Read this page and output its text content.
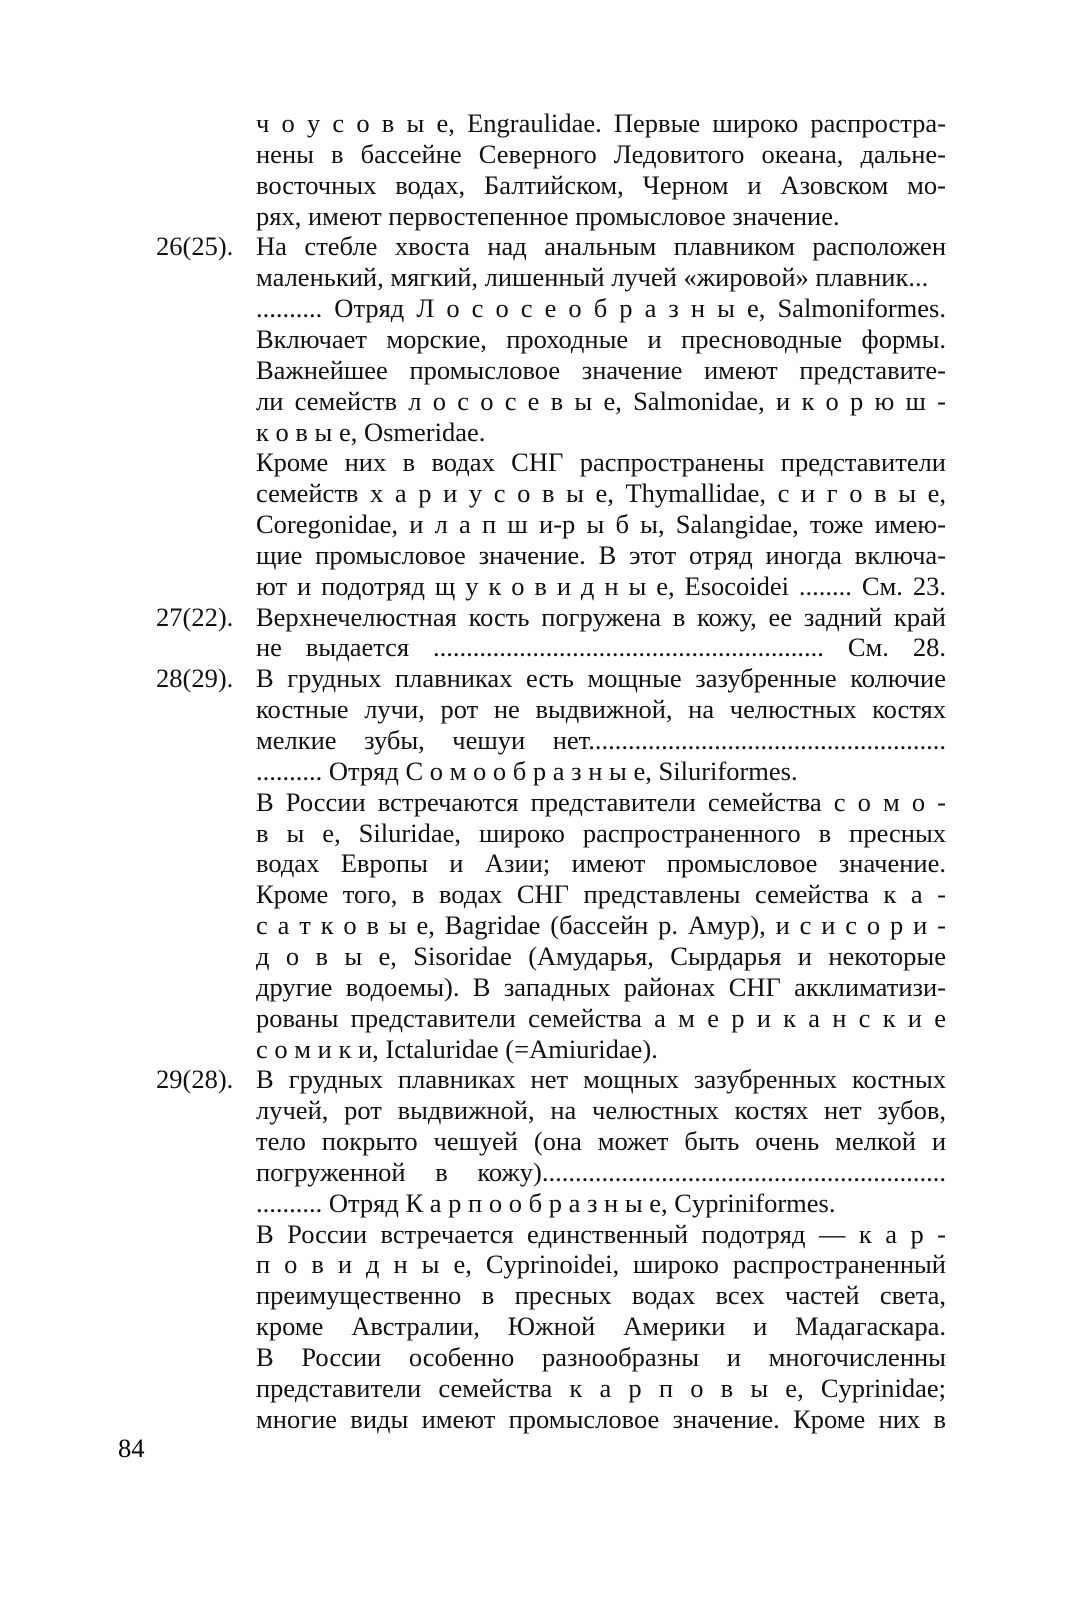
ч о у с о в ы е, Engraulidae. Первые широко распростра-
нены в бассейне Северного Ледовитого океана, дальне-
восточных водах, Балтийском, Черном и Азовском мо-
рях, имеют первостепенное промысловое значение.
26(25). На стебле хвоста над анальным плавником расположен
маленький, мягкий, лишенный лучей «жировой» плавник...
.......... Отряд Л о с о с е о б р а з н ы е, Salmoniformes.
Включает морские, проходные и пресноводные формы.
Важнейшее промысловое значение имеют представите-
ли семейств л о с о с е в ы е, Salmonidae, и к о р ю ш -
к о в ы е, Osmeridae.
Кроме них в водах СНГ распространены представители
семейств х а р и у с о в ы е, Thymallidae, с и г о в ы е,
Coregonidae, и л а п ш и-р ы б ы, Salangidae, тоже имею-
щие промысловое значение. В этот отряд иногда включа-
ют и подотряд щ у к о в и д н ы е, Esocoidei ........ См. 23.
27(22). Верхнечелюстная кость погружена в кожу, ее задний край
не выдается ........................................................... См. 28.
28(29). В грудных плавниках есть мощные зазубренные колючие
костные лучи, рот не выдвижной, на челюстных костях
мелкие зубы, чешуи нет......................................................
.......... Отряд С о м о о б р а з н ы е, Siluriformes.
В России встречаются представители семейства с о м о -
в ы е, Siluridae, широко распространенного в пресных
водах Европы и Азии; имеют промысловое значение.
Кроме того, в водах СНГ представлены семейства к а -
с а т к о в ы е, Bagridae (бассейн р. Амур), и с и с о р и -
д о в ы е, Sisoridae (Амударья, Сырдарья и некоторые
другие водоемы). В западных районах СНГ акклиматизи-
рованы представители семейства а м е р и к а н с к и е
с о м и к и, Ictaluridae (=Amiuridae).
29(28). В грудных плавниках нет мощных зазубренных костных
лучей, рот выдвижной, на челюстных костях нет зубов,
тело покрыто чешуей (она может быть очень мелкой и
погруженной в кожу).............................................................
.......... Отряд К а р п о о б р а з н ы е, Cypriniformes.
В России встречается единственный подотряд — к а р -
п о в и д н ы е, Cyprinoidei, широко распространенный
преимущественно в пресных водах всех частей света,
кроме Австралии, Южной Америки и Мадагаскара.
В России особенно разнообразны и многочисленны
представители семейства к а р п о в ы е, Cyprinidae;
многие виды имеют промысловое значение. Кроме них в
84
